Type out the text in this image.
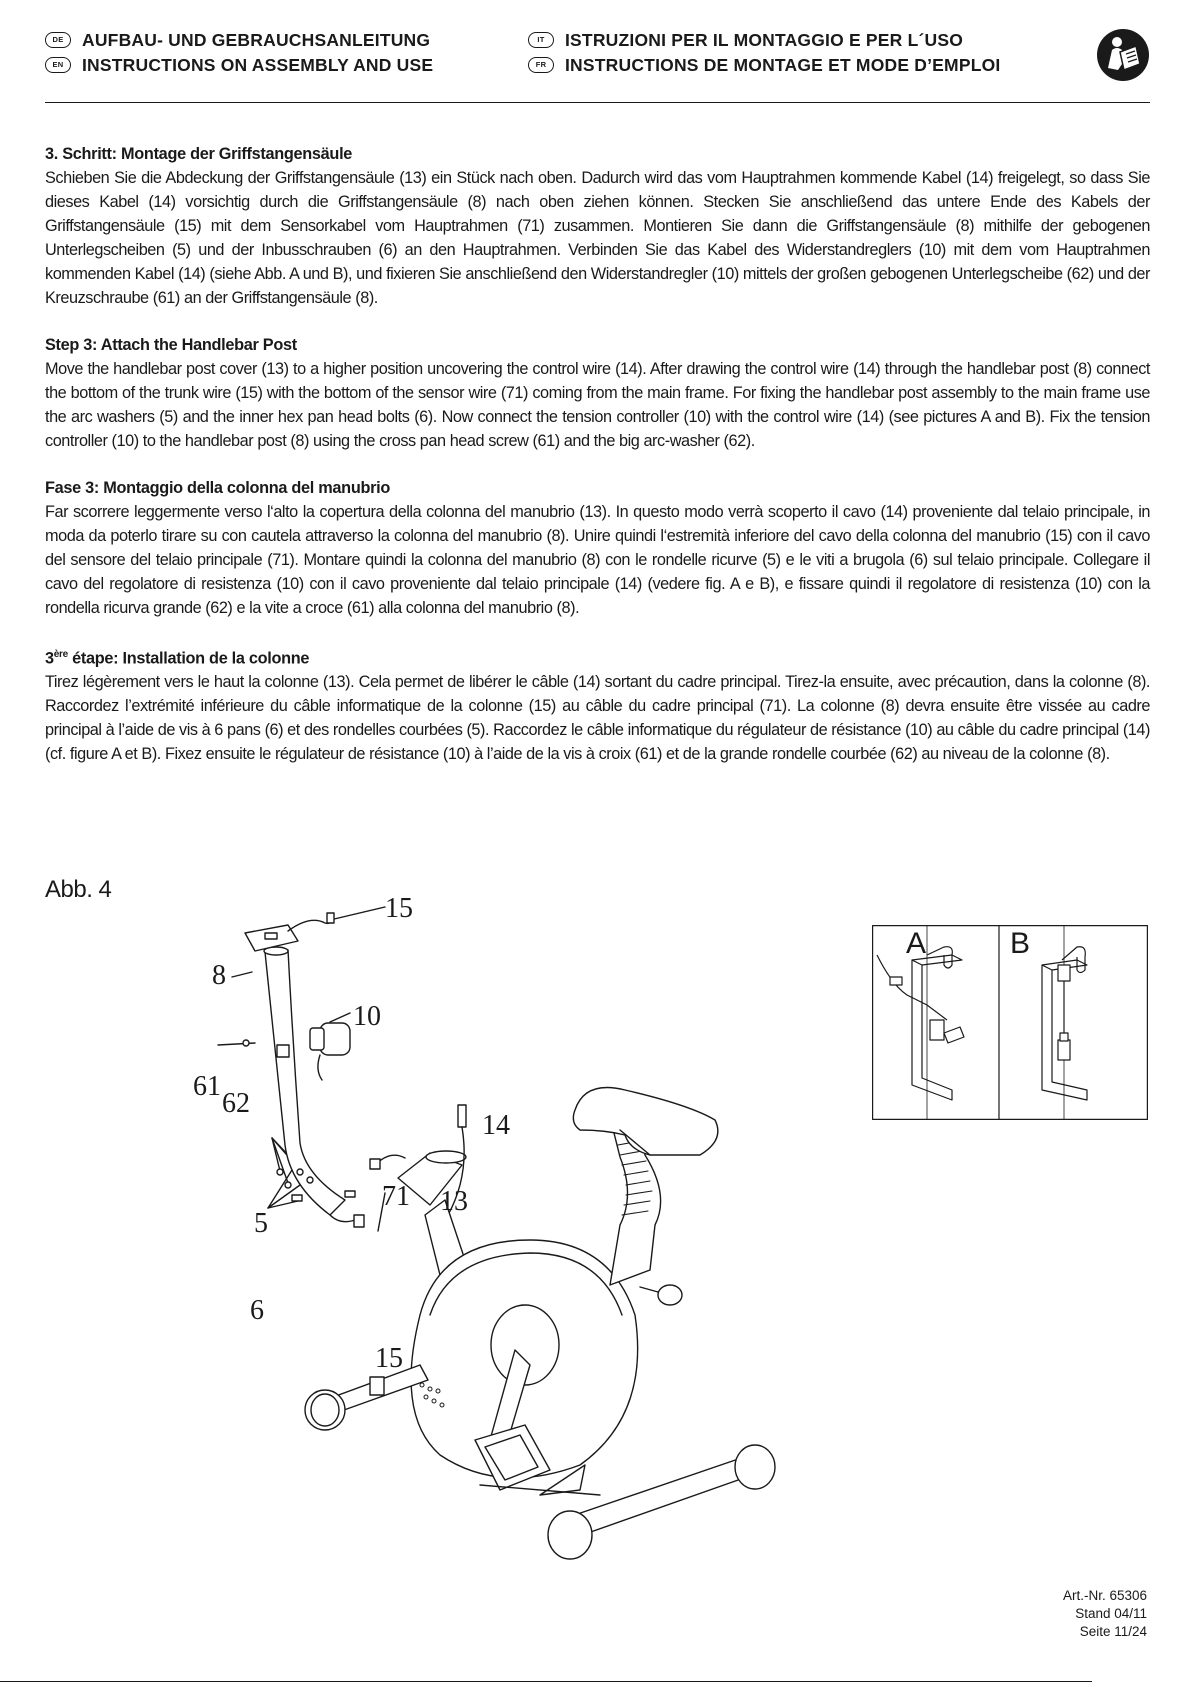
DE	AUFBAU- UND GEBRAUCHSANLEITUNG
EN	INSTRUCTIONS ON ASSEMBLY AND USE
IT	ISTRUZIONI PER IL MONTAGGIO E PER L´USO
FR	INSTRUCTIONS DE MONTAGE ET MODE D’EMPLOI
3. Schritt: Montage der Griffstangensäule
Schieben Sie die Abdeckung der Griffstangensäule (13) ein Stück nach oben. Dadurch wird das vom Hauptrahmen kommende Kabel (14) freigelegt, so dass Sie dieses Kabel (14) vorsichtig durch die Griffstangensäule (8) nach oben ziehen können. Stecken Sie anschließend das untere Ende des Kabels der Griffstangensäule (15) mit dem Sensorkabel vom Hauptrahmen (71) zusammen. Montieren Sie dann die Griffstangensäule (8) mithilfe der gebogenen Unterlegscheiben (5) und der Inbusschrauben (6) an den Hauptrahmen. Verbinden Sie das Kabel des Widerstandreglers (10) mit dem vom Hauptrahmen kommenden Kabel (14) (siehe Abb. A und B), und fixieren Sie anschließend den Widerstandregler (10) mittels der großen gebogenen Unterlegscheibe (62) und der Kreuzschraube (61) an der Griffstangensäule (8).
Step 3: Attach the Handlebar Post
Move the handlebar post cover (13) to a higher position uncovering the control wire (14). After drawing the control wire (14) through the handlebar post (8) connect the bottom of the trunk wire (15) with the bottom of the sensor wire (71) coming from the main frame. For fixing the handlebar post assembly to the main frame use the arc washers (5) and the inner hex pan head bolts (6). Now connect the tension controller (10) with the control wire (14) (see pictures A and B). Fix the tension controller (10) to the handlebar post (8) using the cross pan head screw (61) and the big arc-washer (62).
Fase 3: Montaggio della colonna del manubrio
Far scorrere leggermente verso l‘alto la copertura della colonna del manubrio (13). In questo modo verrà scoperto il cavo (14) proveniente dal telaio principale, in moda da poterlo tirare su con cautela attraverso la colonna del manubrio (8). Unire quindi l‘estremità inferiore del cavo della colonna del manubrio (15) con il cavo del sensore del telaio principale (71). Montare quindi la colonna del manubrio (8) con le rondelle ricurve (5) e le viti a brugola (6) sul telaio principale. Collegare il cavo del regolatore di resistenza (10) con il cavo proveniente dal telaio principale (14) (vedere fig. A e B), e fissare quindi il regolatore di resistenza (10) con la rondella ricurva grande (62) e la vite a croce (61) alla colonna del manubrio (8).
3ère étape: Installation de la colonne
Tirez légèrement vers le haut la colonne (13). Cela permet de libérer le câble (14) sortant du cadre principal. Tirez-la ensuite, avec précaution, dans la colonne (8). Raccordez l’extrémité inférieure du câble informatique de la colonne (15) au câble du cadre principal (71). La colonne (8) devra ensuite être vissée au cadre principal à l’aide de vis à 6 pans (6) et des rondelles courbées (5). Raccordez le câble informatique du régulateur de résistance (10) au câble du cadre principal (14) (cf. figure A et B). Fixez ensuite le régulateur de résistance (10) à l’aide de la vis à croix (61) et de la grande rondelle courbée (62) au niveau de la colonne (8).
Abb. 4
15
8
10
61
62
14
71 13
5
6
15
A	B
Art.-Nr. 65306
Stand 04/11
Seite 11/24
